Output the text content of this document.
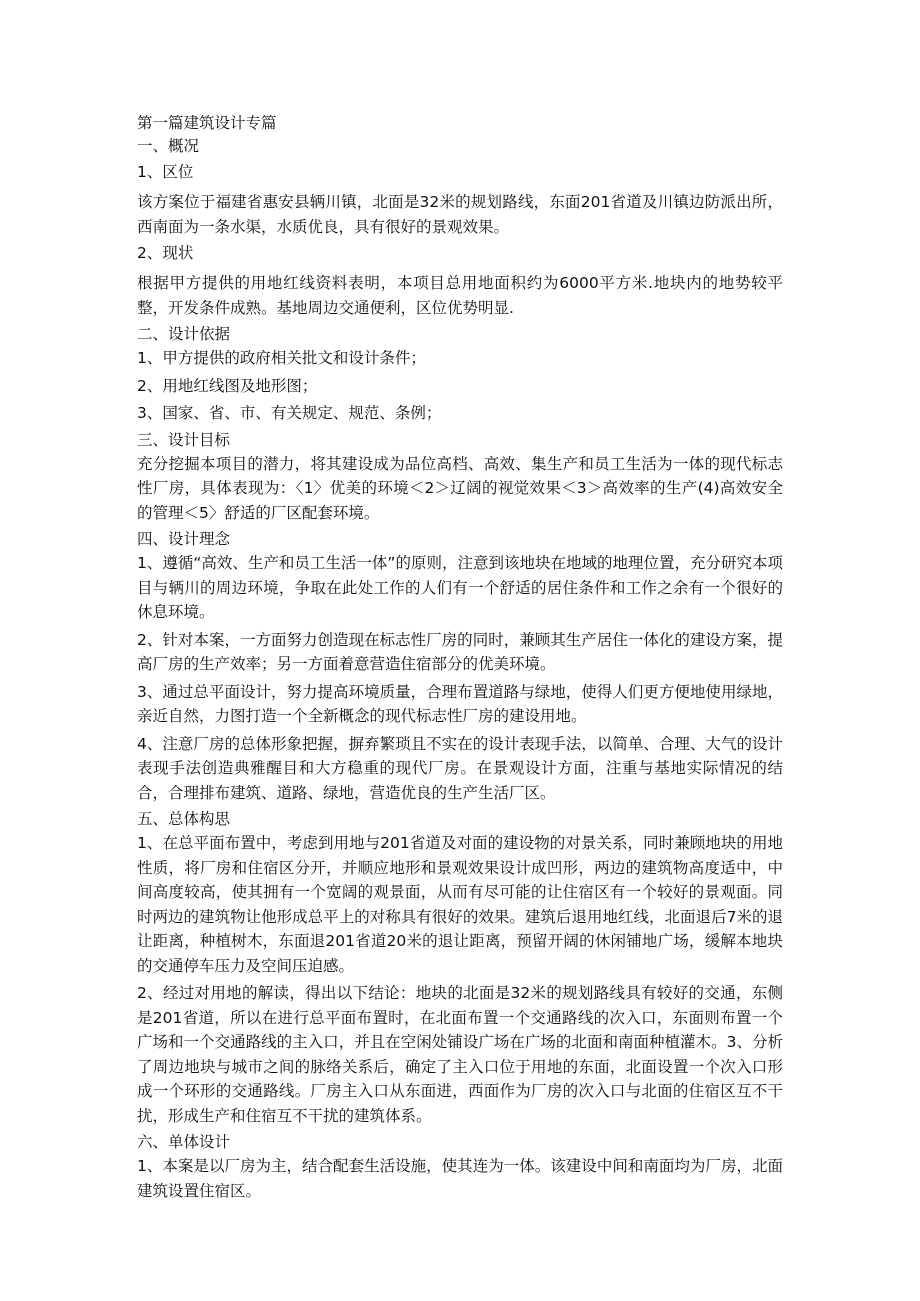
第一篇建筑设计专篇

一、概况

1、区位

该方案位于福建省惠安县辆川镇，北面是32米的规划路线，东面201省道及川镇边防派出所，西南面为一条水渠，水质优良，具有很好的景观效果。

2、现状

根据甲方提供的用地红线资料表明，本项目总用地面积约为6000平方米.地块内的地势较平整，开发条件成熟。基地周边交通便利，区位优势明显.

二、设计依据

1、甲方提供的政府相关批文和设计条件；

2、用地红线图及地形图；

3、国家、省、市、有关规定、规范、条例；

三、设计目标

充分挖掘本项目的潜力，将其建设成为品位高档、高效、集生产和员工生活为一体的现代标志性厂房，具体表现为：〈1〉优美的环境＜2＞辽阔的视觉效果＜3＞高效率的生产(4)高效安全的管理＜5〉舒适的厂区配套环境。

四、设计理念

1、遵循“高效、生产和员工生活一体”的原则，注意到该地块在地域的地理位置，充分研究本项目与辆川的周边环境，争取在此处工作的人们有一个舒适的居住条件和工作之余有一个很好的休息环境。

2、针对本案，一方面努力创造现在标志性厂房的同时，兼顾其生产居住一体化的建设方案，提高厂房的生产效率；另一方面着意营造住宿部分的优美环境。

3、通过总平面设计，努力提高环境质量，合理布置道路与绿地，使得人们更方便地使用绿地，亲近自然，力图打造一个全新概念的现代标志性厂房的建设用地。

4、注意厂房的总体形象把握，摒弃繁琐且不实在的设计表现手法，以简单、合理、大气的设计表现手法创造典雅醒目和大方稳重的现代厂房。在景观设计方面，注重与基地实际情况的结合，合理排布建筑、道路、绿地，营造优良的生产生活厂区。

五、总体构思

1、在总平面布置中，考虑到用地与201省道及对面的建设物的对景关系，同时兼顾地块的用地性质，将厂房和住宿区分开，并顺应地形和景观效果设计成凹形，两边的建筑物高度适中，中间高度较高，使其拥有一个宽阔的观景面，从而有尽可能的让住宿区有一个较好的景观面。同时两边的建筑物让他形成总平上的对称具有很好的效果。建筑后退用地红线，北面退后7米的退让距离，种植树木，东面退201省道20米的退让距离，预留开阔的休闲铺地广场，缓解本地块的交通停车压力及空间压迫感。

2、经过对用地的解读，得出以下结论：地块的北面是32米的规划路线具有较好的交通，东侧是201省道，所以在进行总平面布置时，在北面布置一个交通路线的次入口，东面则布置一个广场和一个交通路线的主入口，并且在空闲处铺设广场在广场的北面和南面种植灌木。3、分析了周边地块与城市之间的脉络关系后，确定了主入口位于用地的东面，北面设置一个次入口形成一个环形的交通路线。厂房主入口从东面进，西面作为厂房的次入口与北面的住宿区互不干扰，形成生产和住宿互不干扰的建筑体系。

六、单体设计

1、本案是以厂房为主，结合配套生活设施，使其连为一体。该建设中间和南面均为厂房，北面建筑设置住宿区。
